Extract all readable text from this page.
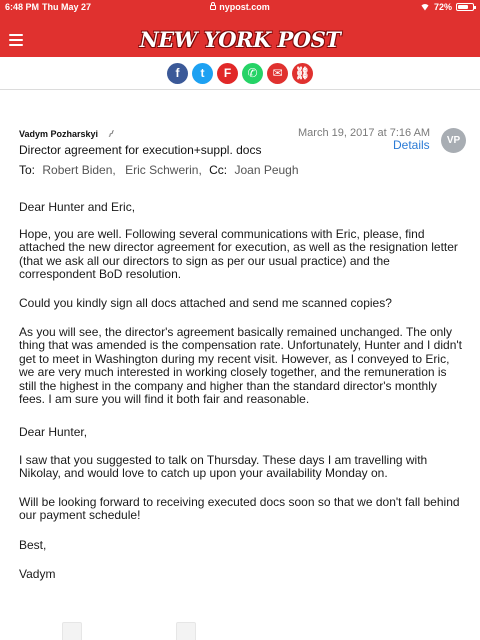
6:48 PM Thu May 27	nypost.com	72%
NEW YORK POST
f	t	F	✆	✉	⛓
Vadym Pozharskyi ⌇
Director agreement for execution+suppl. docs
To: Robert Biden, Eric Schwerin, Cc: Joan Peugh
March 19, 2017 at 7:16 AM
Details	VP
Dear Hunter and Eric,
Hope, you are well. Following several communications with Eric, please, find attached the new director agreement for execution, as well as the resignation letter (that we ask all our directors to sign as per our usual practice) and the correspondent BoD resolution.
Could you kindly sign all docs attached and send me scanned copies?
As you will see, the director's agreement basically remained unchanged. The only thing that was amended is the compensation rate. Unfortunately, Hunter and I didn't get to meet in Washington during my recent visit. However, as I conveyed to Eric, we are very much interested in working closely together, and the remuneration is still the highest in the company and higher than the standard director's monthly fees. I am sure you will find it both fair and reasonable.
Dear Hunter,
I saw that you suggested to talk on Thursday. These days I am travelling with Nikolay, and would love to catch up upon your availability Monday on.
Will be looking forward to receiving executed docs soon so that we don't fall behind our payment schedule!
Best,
Vadym
